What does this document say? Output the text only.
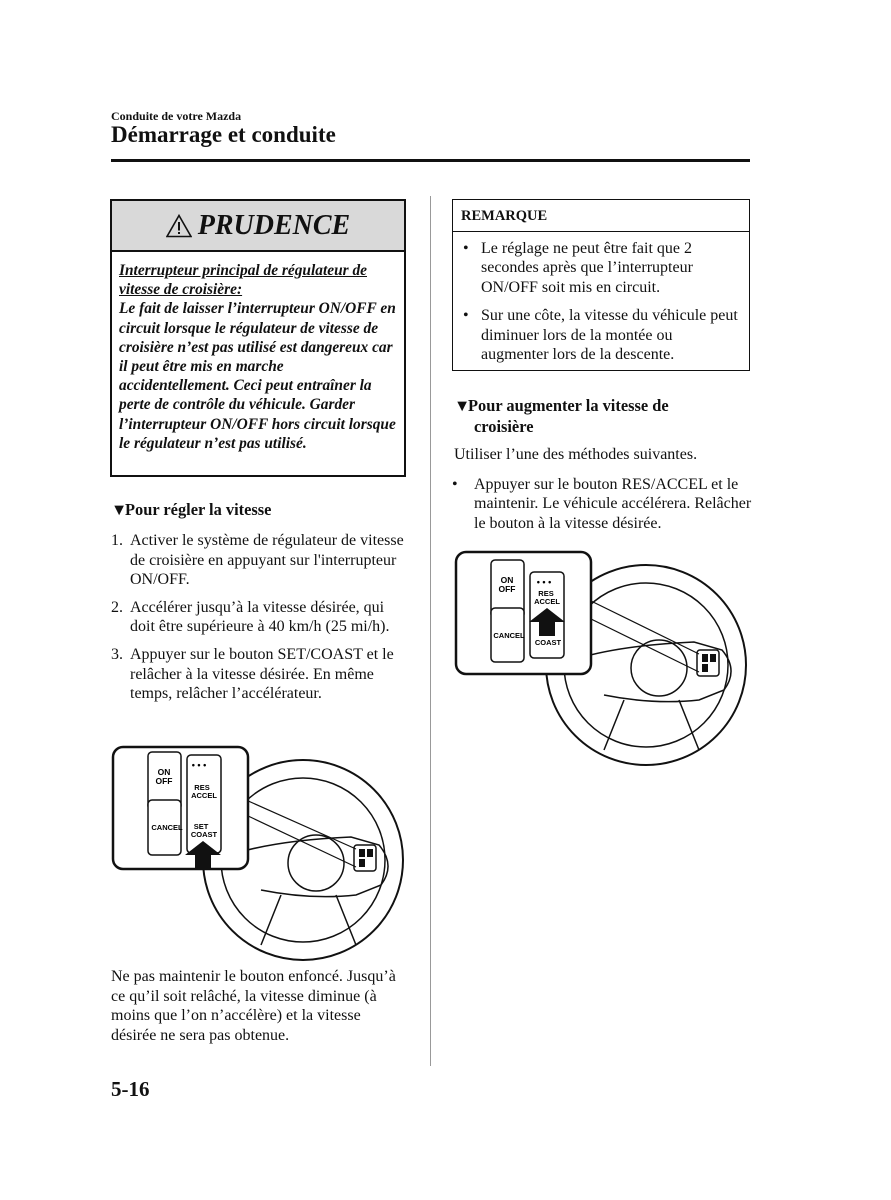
Conduite de votre Mazda
Démarrage et conduite
PRUDENCE
Interrupteur principal de régulateur de vitesse de croisière:
Le fait de laisser l’interrupteur ON/OFF en circuit lorsque le régulateur de vitesse de croisière n’est pas utilisé est dangereux car il peut être mis en marche accidentellement. Ceci peut entraîner la perte de contrôle du véhicule. Garder l’interrupteur ON/OFF hors circuit lorsque le régulateur n’est pas utilisé.
▼Pour régler la vitesse
1. Activer le système de régulateur de vitesse de croisière en appuyant sur l'interrupteur ON/OFF.
2. Accélérer jusqu’à la vitesse désirée, qui doit être supérieure à 40 km/h (25 mi/h).
3. Appuyer sur le bouton SET/COAST et le relâcher à la vitesse désirée. En même temps, relâcher l’accélérateur.
ON
OFF
CANCEL
• • •
RES
ACCEL
SET
COAST
Ne pas maintenir le bouton enfoncé. Jusqu’à ce qu’il soit relâché, la vitesse diminue (à moins que l’on n’accélère) et la vitesse désirée ne sera pas obtenue.
REMARQUE
• Le réglage ne peut être fait que 2 secondes après que l’interrupteur ON/OFF soit mis en circuit.
• Sur une côte, la vitesse du véhicule peut diminuer lors de la montée ou augmenter lors de la descente.
▼Pour augmenter la vitesse de
croisière
Utiliser l’une des méthodes suivantes.
•	Appuyer sur le bouton RES/ACCEL et le maintenir. Le véhicule accélérera. Relâcher le bouton à la vitesse désirée.
ON
OFF
CANCEL
• • •
RES
ACCEL
COAST
5-16
